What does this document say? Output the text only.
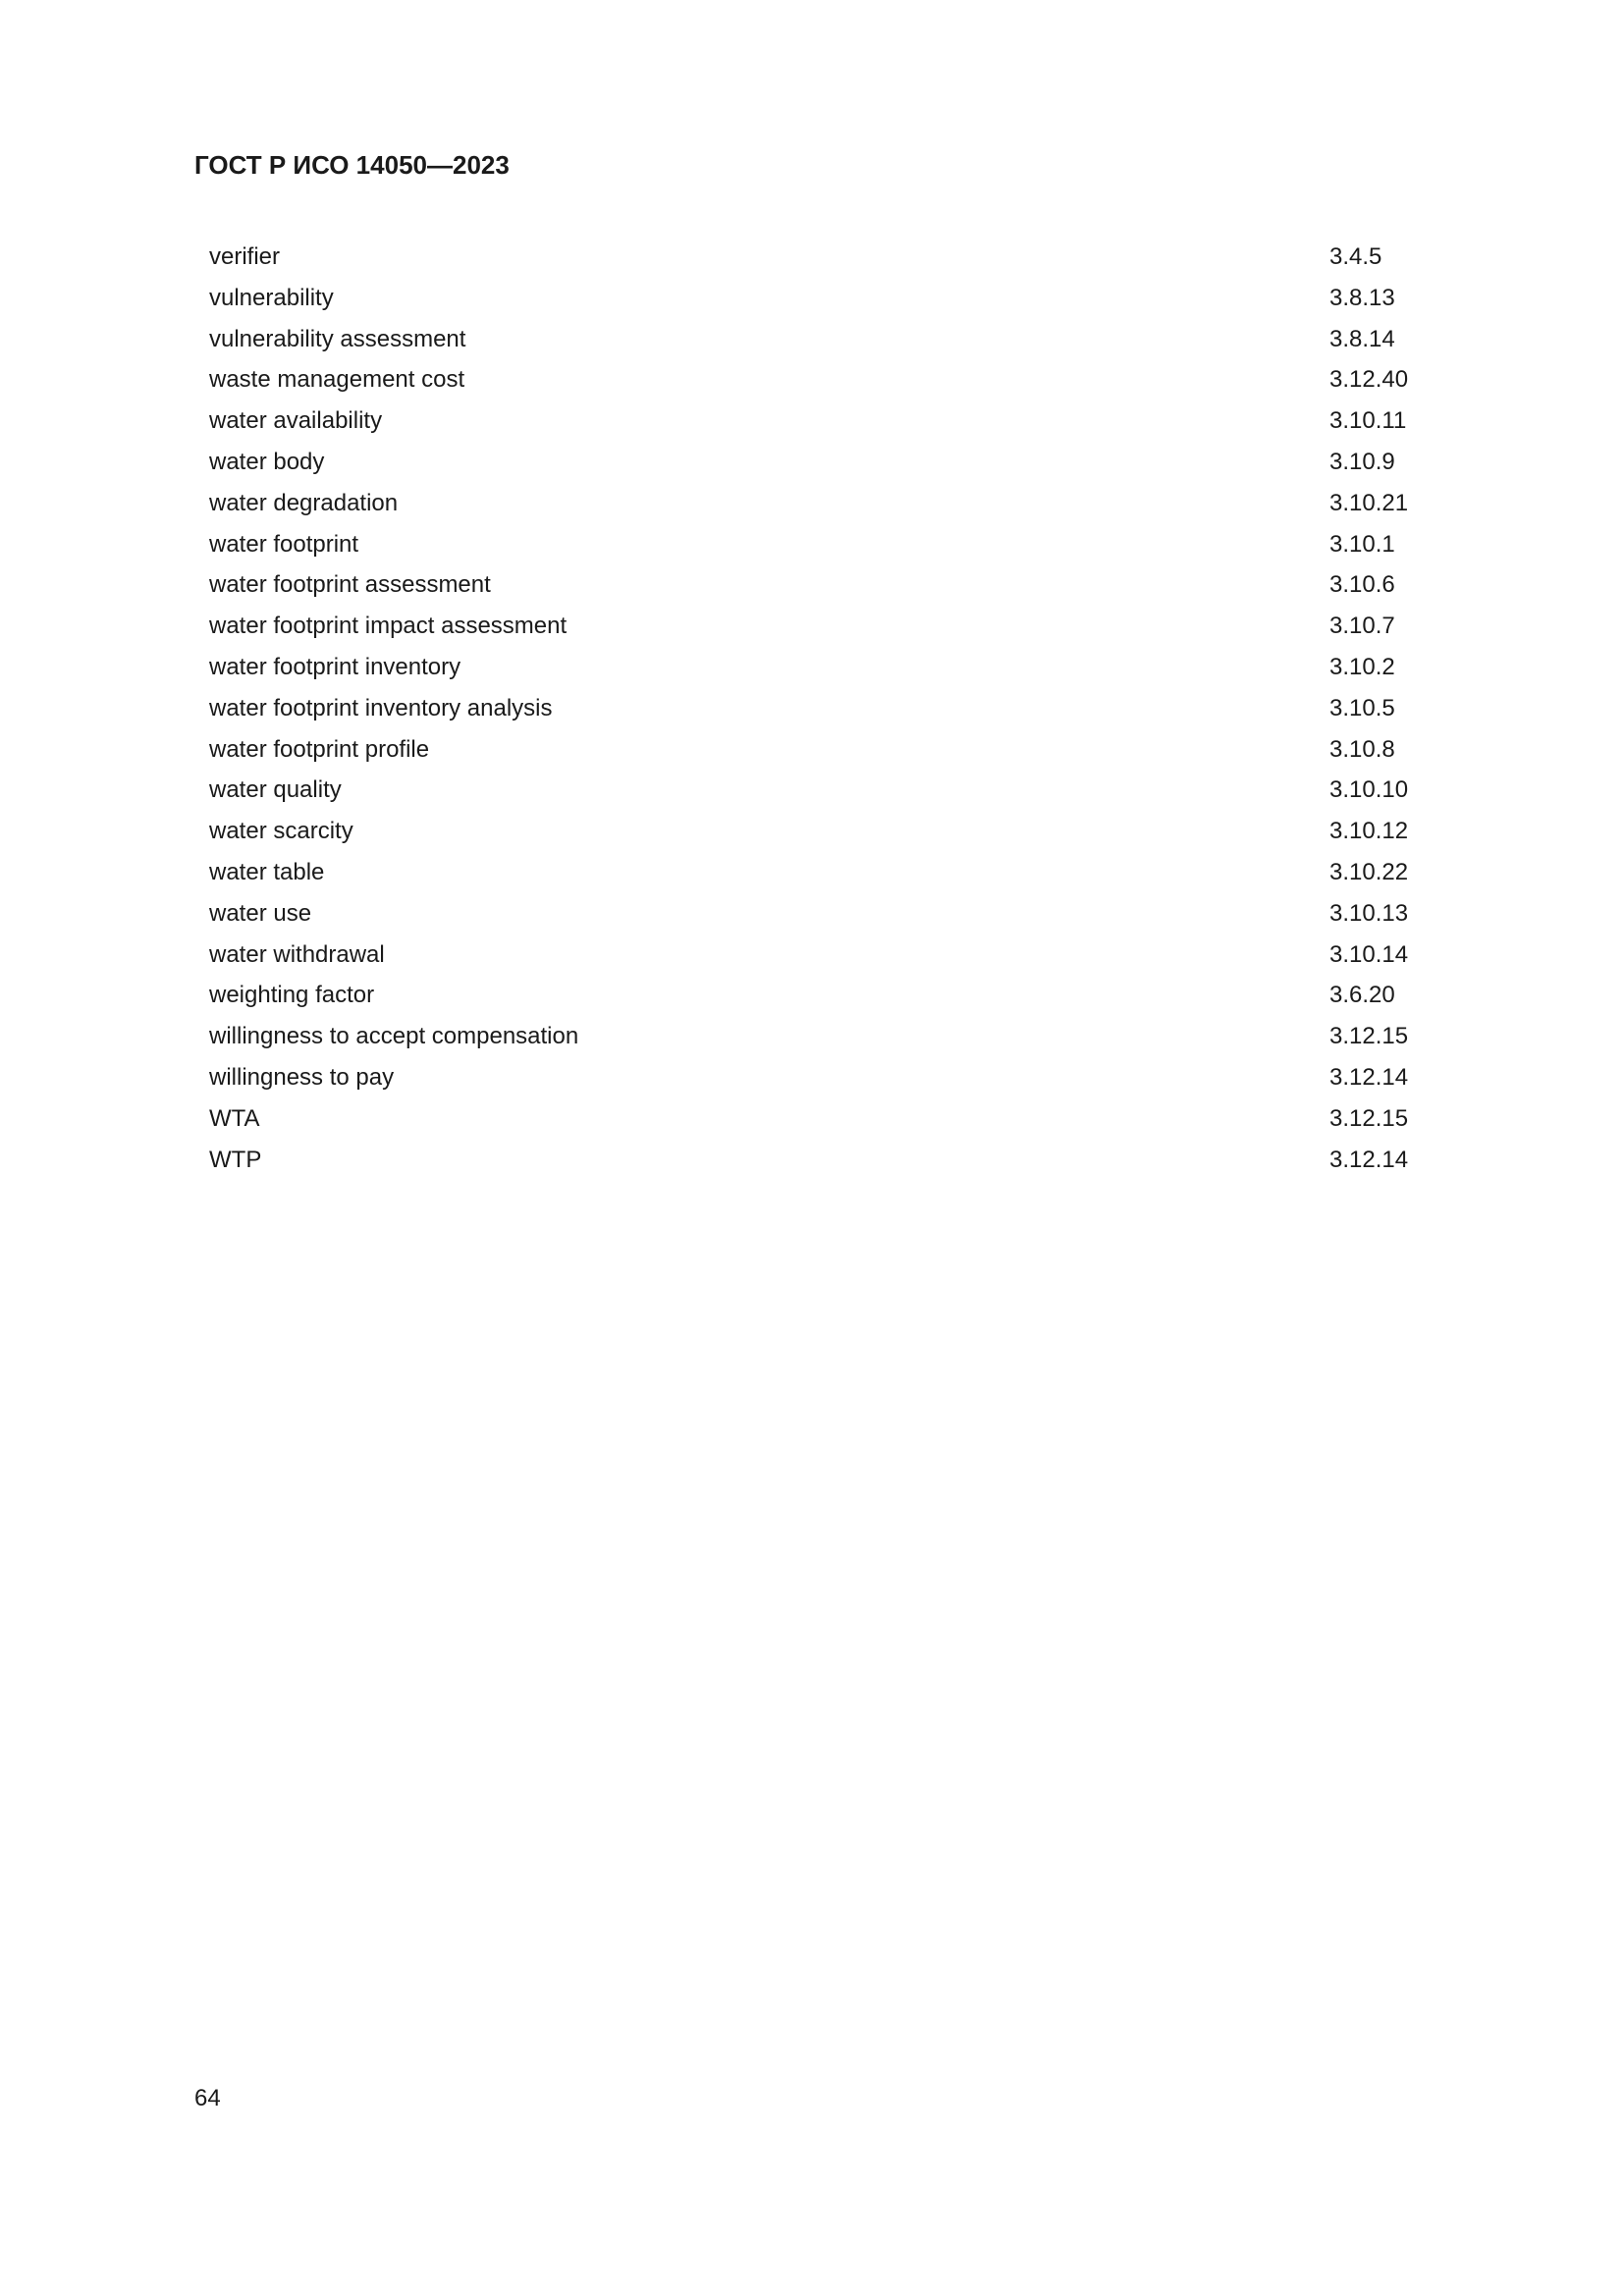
ГОСТ Р ИСО 14050—2023
verifier	3.4.5
vulnerability	3.8.13
vulnerability assessment	3.8.14
waste management cost	3.12.40
water availability	3.10.11
water body	3.10.9
water degradation	3.10.21
water footprint	3.10.1
water footprint assessment	3.10.6
water footprint impact assessment	3.10.7
water footprint inventory	3.10.2
water footprint inventory analysis	3.10.5
water footprint profile	3.10.8
water quality	3.10.10
water scarcity	3.10.12
water table	3.10.22
water use	3.10.13
water withdrawal	3.10.14
weighting factor	3.6.20
willingness to accept compensation	3.12.15
willingness to pay	3.12.14
WTA	3.12.15
WTP	3.12.14
64
